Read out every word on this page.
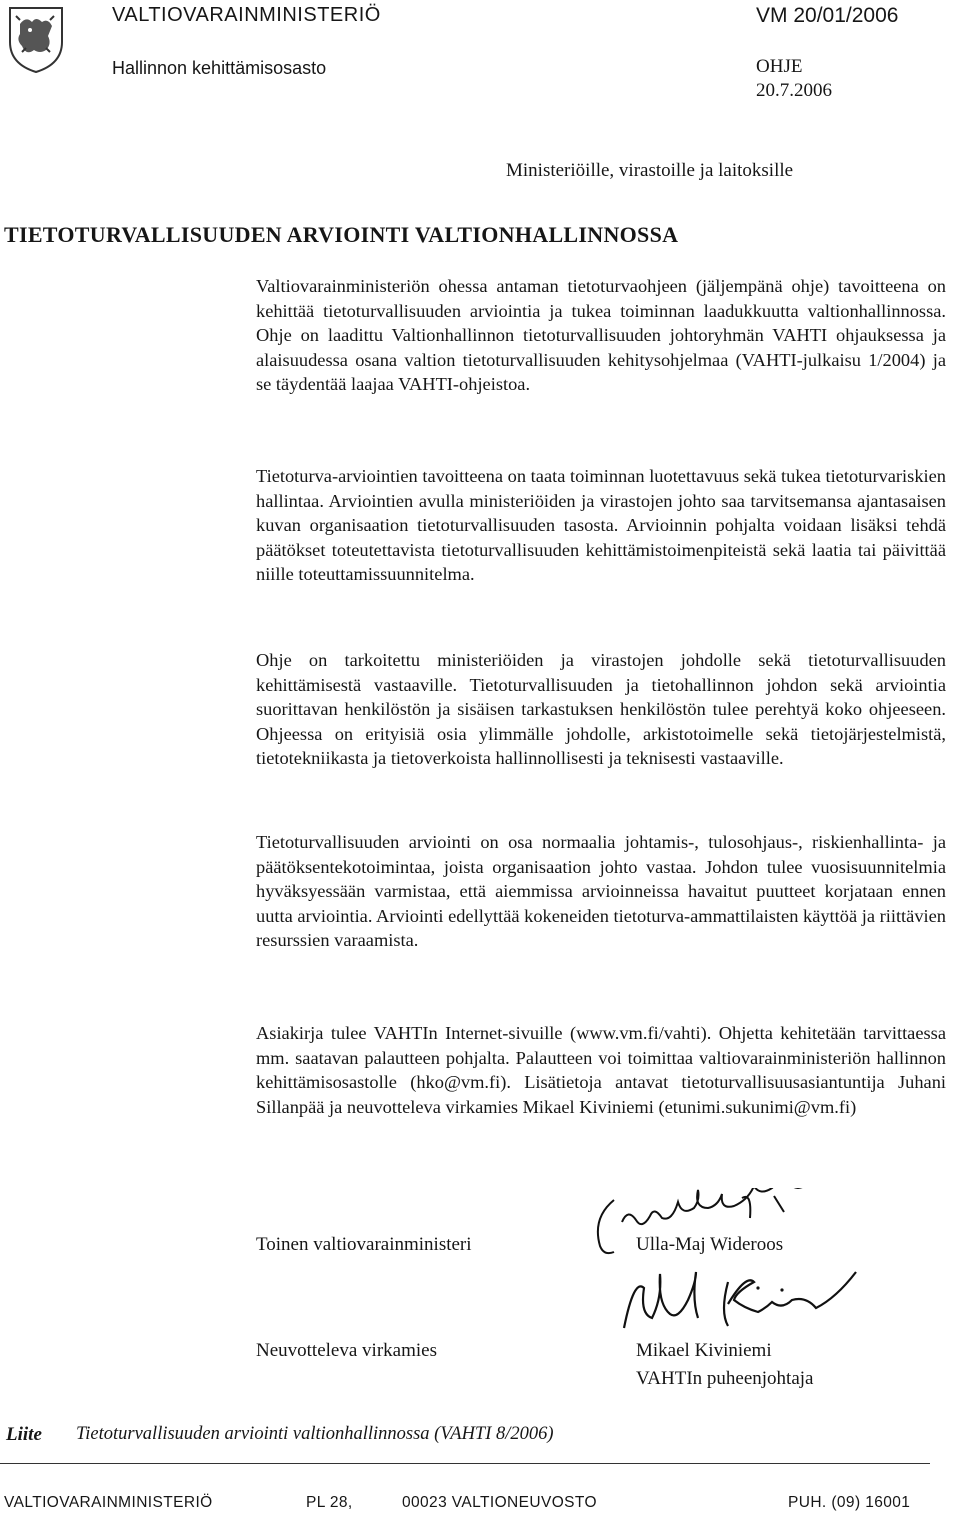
VALTIOVARAINMINISTERIÖ
Hallinnon kehittämisosasto
VM 20/01/2006
OHJE
20.7.2006
Ministeriöille, virastoille ja laitoksille
TIETOTURVALLISUUDEN ARVIOINTI VALTIONHALLINNOSSA
Valtiovarainministeriön ohessa antaman tietoturvaohjeen (jäljempänä ohje) tavoitteena on kehittää tietoturvallisuuden arviointia ja tukea toiminnan laadukkuutta valtionhallinnossa. Ohje on laadittu Valtionhallinnon tietoturvallisuuden johtoryhmän VAHTI ohjauksessa ja alaisuudessa osana valtion tietoturvallisuuden kehitysohjelmaa (VAHTI-julkaisu 1/2004) ja se täydentää laajaa VAHTI-ohjeistoa.
Tietoturva-arviointien tavoitteena on taata toiminnan luotettavuus sekä tukea tietoturvariskien hallintaa. Arviointien avulla ministeriöiden ja virastojen johto saa tarvitsemansa ajantasaisen kuvan organisaation tietoturvallisuuden tasosta. Arvioinnin pohjalta voidaan lisäksi tehdä päätökset toteutettavista tietoturvallisuuden kehittämistoimenpiteistä sekä laatia tai päivittää niille toteuttamissuunnitelma.
Ohje on tarkoitettu ministeriöiden ja virastojen johdolle sekä tietoturvallisuuden kehittämisestä vastaaville. Tietoturvallisuuden ja tietohallinnon johdon sekä arviointia suorittavan henkilöstön ja sisäisen tarkastuksen henkilöstön tulee perehtyä koko ohjeeseen. Ohjeessa on erityisiä osia ylimmälle johdolle, arkistotoimelle sekä tietojärjestelmistä, tietotekniikasta ja tietoverkoista hallinnollisesti ja teknisesti vastaaville.
Tietoturvallisuuden arviointi on osa normaalia johtamis-, tulosohjaus-, riskienhallinta- ja päätöksentekotoimintaa, joista organisaation johto vastaa. Johdon tulee vuosisuunnitelmia hyväksyessään varmistaa, että aiemmissa arvioinneissa havaitut puutteet korjataan ennen uutta arviointia. Arviointi edellyttää kokeneiden tietoturva-ammattilaisten käyttöä ja riittävien resurssien varaamista.
Asiakirja tulee VAHTIn Internet-sivuille (www.vm.fi/vahti). Ohjetta kehitetään tarvittaessa mm. saatavan palautteen pohjalta. Palautteen voi toimittaa valtiovarainministeriön hallinnon kehittämisosastolle (hko@vm.fi). Lisätietoja antavat tietoturvallisuusasiantuntija Juhani Sillanpää ja neuvotteleva virkamies Mikael Kiviniemi (etunimi.sukunimi@vm.fi)
Toinen valtiovarainministeri	Ulla-Maj Wideroos
Neuvotteleva virkamies	Mikael Kiviniemi
VAHTIn puheenjohtaja
Liite Tietoturvallisuuden arviointi valtionhallinnossa (VAHTI 8/2006)
VALTIOVARAINMINISTERIÖ	PL 28,	00023 VALTIONEUVOSTO	PUH. (09) 16001
